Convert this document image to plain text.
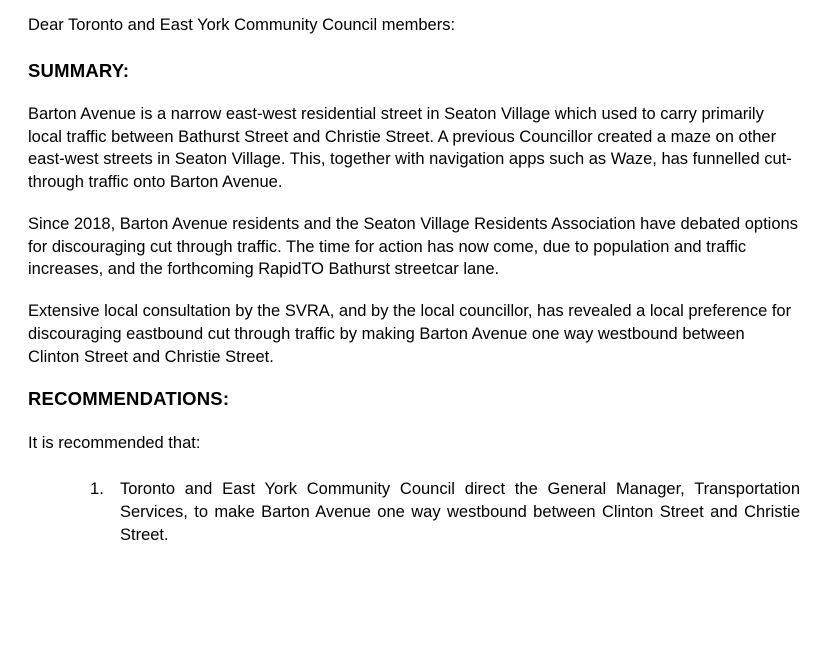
Dear Toronto and East York Community Council members:

SUMMARY:

Barton Avenue is a narrow east-west residential street in Seaton Village which used to carry primarily local traffic between Bathurst Street and Christie Street. A previous Councillor created a maze on other east-west streets in Seaton Village. This, together with navigation apps such as Waze, has funnelled cut-through traffic onto Barton Avenue.

Since 2018, Barton Avenue residents and the Seaton Village Residents Association have debated options for discouraging cut through traffic. The time for action has now come, due to population and traffic increases, and the forthcoming RapidTO Bathurst streetcar lane.

Extensive local consultation by the SVRA, and by the local councillor, has revealed a local preference for discouraging eastbound cut through traffic by making Barton Avenue one way westbound between Clinton Street and Christie Street.

RECOMMENDATIONS:

It is recommended that:

Toronto and East York Community Council direct the General Manager, Transportation Services, to make Barton Avenue one way westbound between Clinton Street and Christie Street.
